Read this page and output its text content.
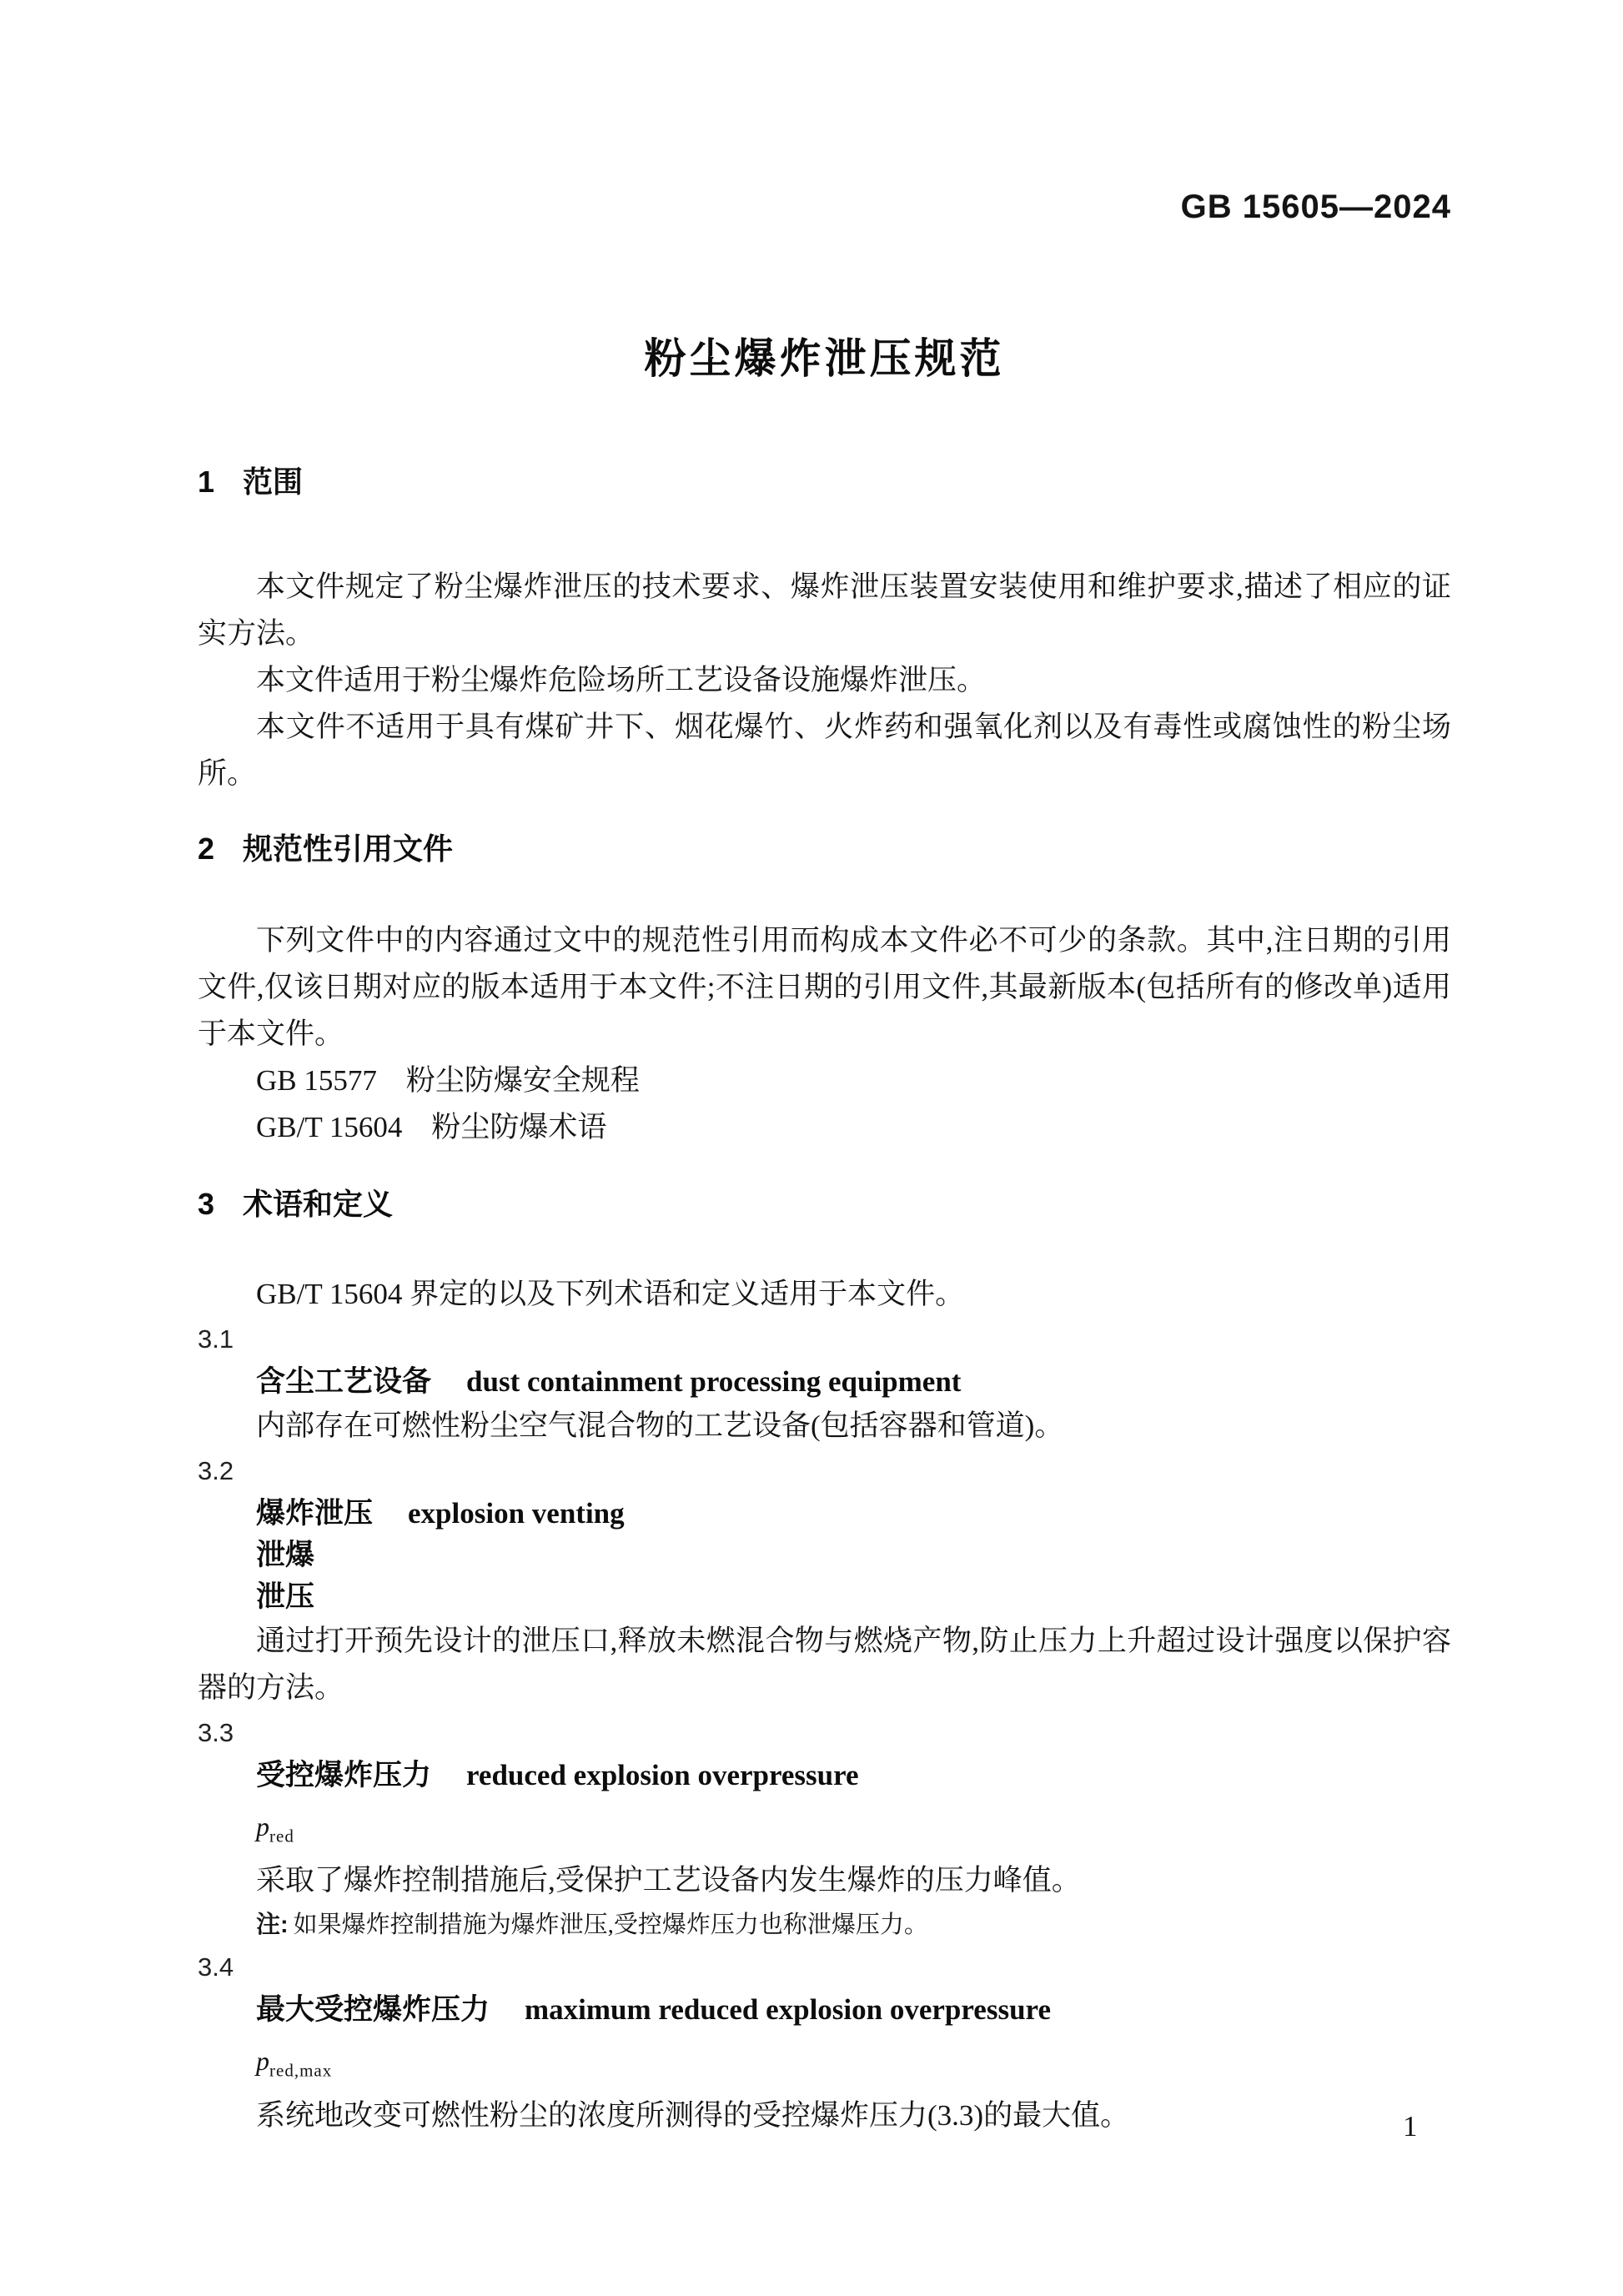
GB 15605—2024
粉尘爆炸泄压规范
1 范围

本文件规定了粉尘爆炸泄压的技术要求、爆炸泄压装置安装使用和维护要求,描述了相应的证实方法。

本文件适用于粉尘爆炸危险场所工艺设备设施爆炸泄压。

本文件不适用于具有煤矿井下、烟花爆竹、火炸药和强氧化剂以及有毒性或腐蚀性的粉尘场所。

2 规范性引用文件

下列文件中的内容通过文中的规范性引用而构成本文件必不可少的条款。其中,注日期的引用文件,仅该日期对应的版本适用于本文件;不注日期的引用文件,其最新版本(包括所有的修改单)适用于本文件。

GB 15577　粉尘防爆安全规程

GB/T 15604　粉尘防爆术语

3 术语和定义

GB/T 15604 界定的以及下列术语和定义适用于本文件。

3.1
含尘工艺设备 dust containment processing equipment

内部存在可燃性粉尘空气混合物的工艺设备(包括容器和管道)。

3.2
爆炸泄压 explosion venting
泄爆
泄压

通过打开预先设计的泄压口,释放未燃混合物与燃烧产物,防止压力上升超过设计强度以保护容器的方法。

3.3
受控爆炸压力 reduced explosion overpressure
$p_{red}$

采取了爆炸控制措施后,受保护工艺设备内发生爆炸的压力峰值。

注: 如果爆炸控制措施为爆炸泄压,受控爆炸压力也称泄爆压力。

3.4
最大受控爆炸压力 maximum reduced explosion overpressure
$p_{red,max}$

系统地改变可燃性粉尘的浓度所测得的受控爆炸压力(3.3)的最大值。	1
